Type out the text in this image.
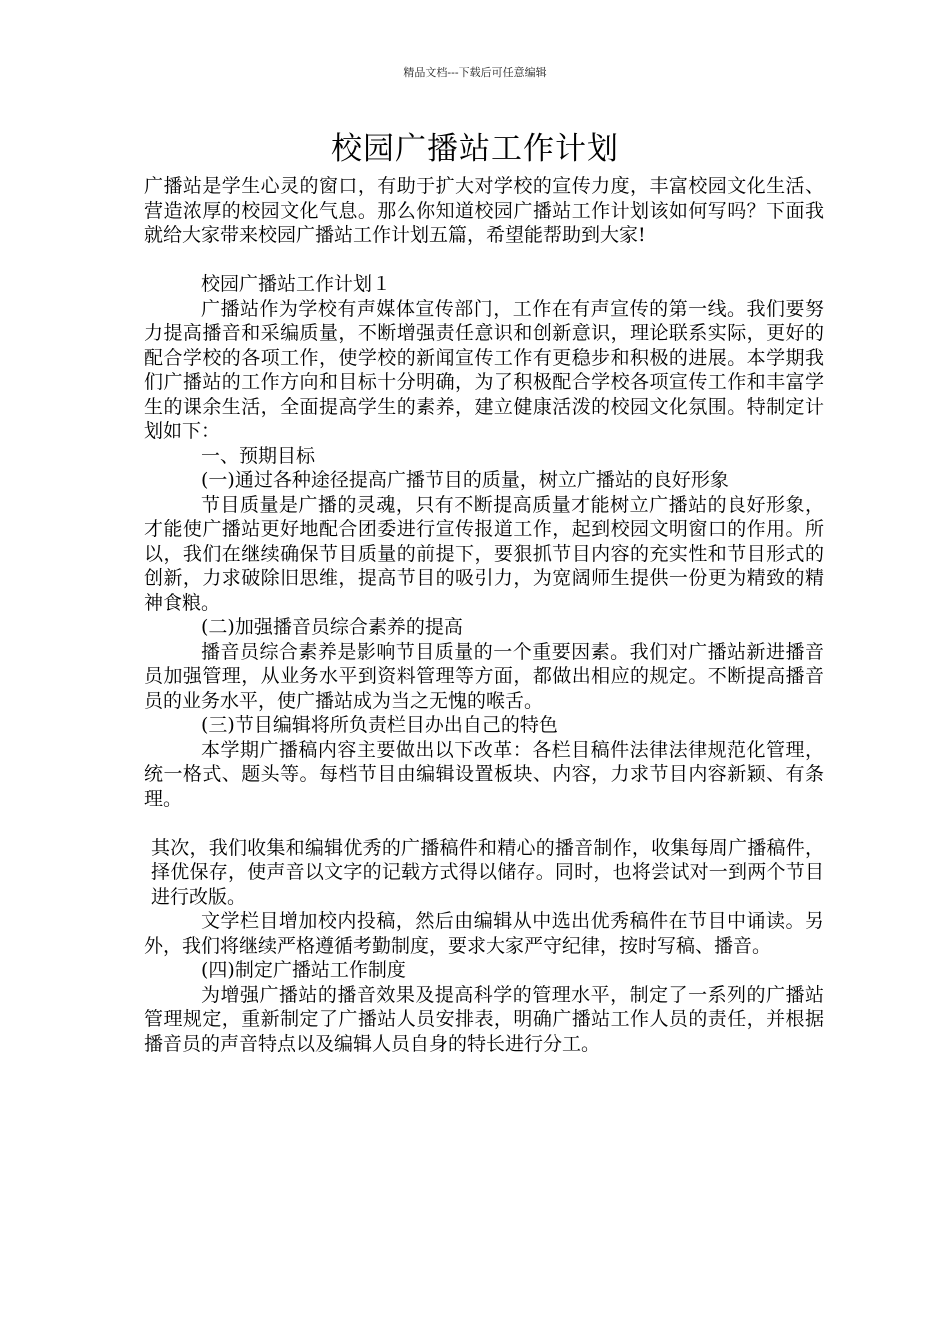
精品文档---下载后可任意编辑
校园广播站工作计划

广播站是学生心灵的窗口，有助于扩大对学校的宣传力度，丰富校园文化生活、营造浓厚的校园文化气息。那么你知道校园广播站工作计划该如何写吗？下面我就给大家带来校园广播站工作计划五篇，希望能帮助到大家!

校园广播站工作计划１

广播站作为学校有声媒体宣传部门，工作在有声宣传的第一线。我们要努力提高播音和采编质量，不断增强责任意识和创新意识，理论联系实际，更好的配合学校的各项工作，使学校的新闻宣传工作有更稳步和积极的进展。本学期我们广播站的工作方向和目标十分明确，为了积极配合学校各项宣传工作和丰富学生的课余生活，全面提高学生的素养，建立健康活泼的校园文化氛围。特制定计划如下：

一、预期目标

(一)通过各种途径提高广播节目的质量，树立广播站的良好形象

节目质量是广播的灵魂，只有不断提高质量才能树立广播站的良好形象，才能使广播站更好地配合团委进行宣传报道工作，起到校园文明窗口的作用。所以，我们在继续确保节目质量的前提下，要狠抓节目内容的充实性和节目形式的创新，力求破除旧思维，提高节目的吸引力，为宽阔师生提供一份更为精致的精神食粮。

(二)加强播音员综合素养的提高

播音员综合素养是影响节目质量的一个重要因素。我们对广播站新进播音员加强管理，从业务水平到资料管理等方面，都做出相应的规定。不断提高播音员的业务水平，使广播站成为当之无愧的喉舌。

(三)节目编辑将所负责栏目办出自己的特色

本学期广播稿内容主要做出以下改革：各栏目稿件法律法律规范化管理，统一格式、题头等。每档节目由编辑设置板块、内容，力求节目内容新颖、有条理。

其次，我们收集和编辑优秀的广播稿件和精心的播音制作，收集每周广播稿件，择优保存，使声音以文字的记载方式得以储存。同时，也将尝试对一到两个节目进行改版。

文学栏目增加校内投稿，然后由编辑从中选出优秀稿件在节目中诵读。另外，我们将继续严格遵循考勤制度，要求大家严守纪律，按时写稿、播音。

(四)制定广播站工作制度

为增强广播站的播音效果及提高科学的管理水平，制定了一系列的广播站管理规定，重新制定了广播站人员安排表，明确广播站工作人员的责任，并根据播音员的声音特点以及编辑人员自身的特长进行分工。
